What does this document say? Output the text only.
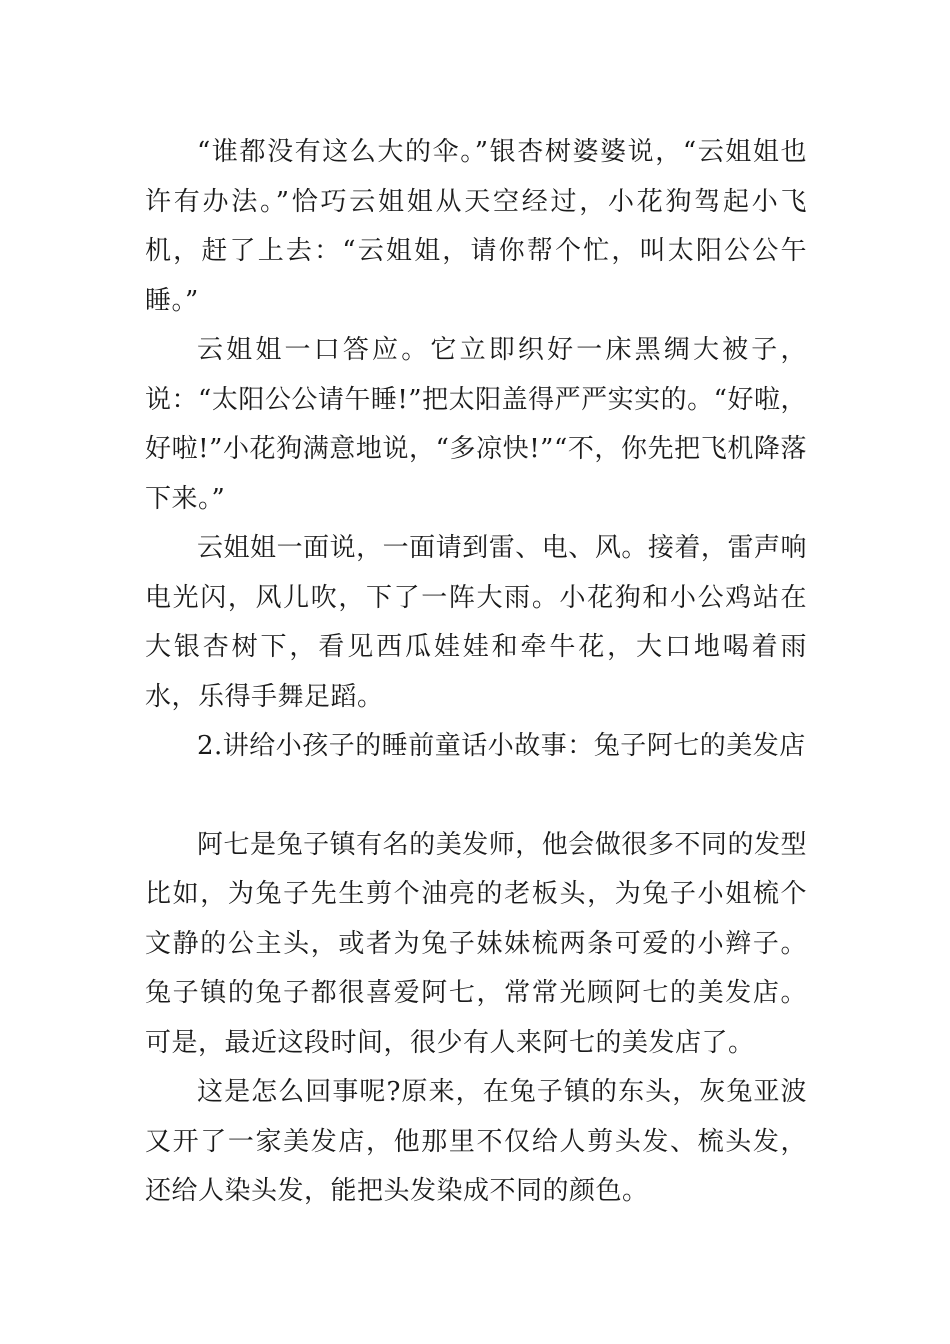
“谁都没有这么大的伞。”银杏树婆婆说，“云姐姐也许有办法。”恰巧云姐姐从天空经过，小花狗驾起小飞机，赶了上去：“云姐姐，请你帮个忙，叫太阳公公午睡。”

云姐姐一口答应。它立即织好一床黑绸大被子，说：“太阳公公请午睡!”把太阳盖得严严实实的。“好啦，好啦!”小花狗满意地说，“多凉快!”“不，你先把飞机降落下来。”

云姐姐一面说，一面请到雷、电、风。接着，雷声响电光闪，风儿吹，下了一阵大雨。小花狗和小公鸡站在大银杏树下，看见西瓜娃娃和牵牛花，大口地喝着雨水，乐得手舞足蹈。

2.讲给小孩子的睡前童话小故事：兔子阿七的美发店

阿七是兔子镇有名的美发师，他会做很多不同的发型比如，为兔子先生剪个油亮的老板头，为兔子小姐梳个文静的公主头，或者为兔子妹妹梳两条可爱的小辫子。兔子镇的兔子都很喜爱阿七，常常光顾阿七的美发店。可是，最近这段时间，很少有人来阿七的美发店了。

这是怎么回事呢?原来，在兔子镇的东头，灰兔亚波又开了一家美发店，他那里不仅给人剪头发、梳头发，还给人染头发，能把头发染成不同的颜色。
